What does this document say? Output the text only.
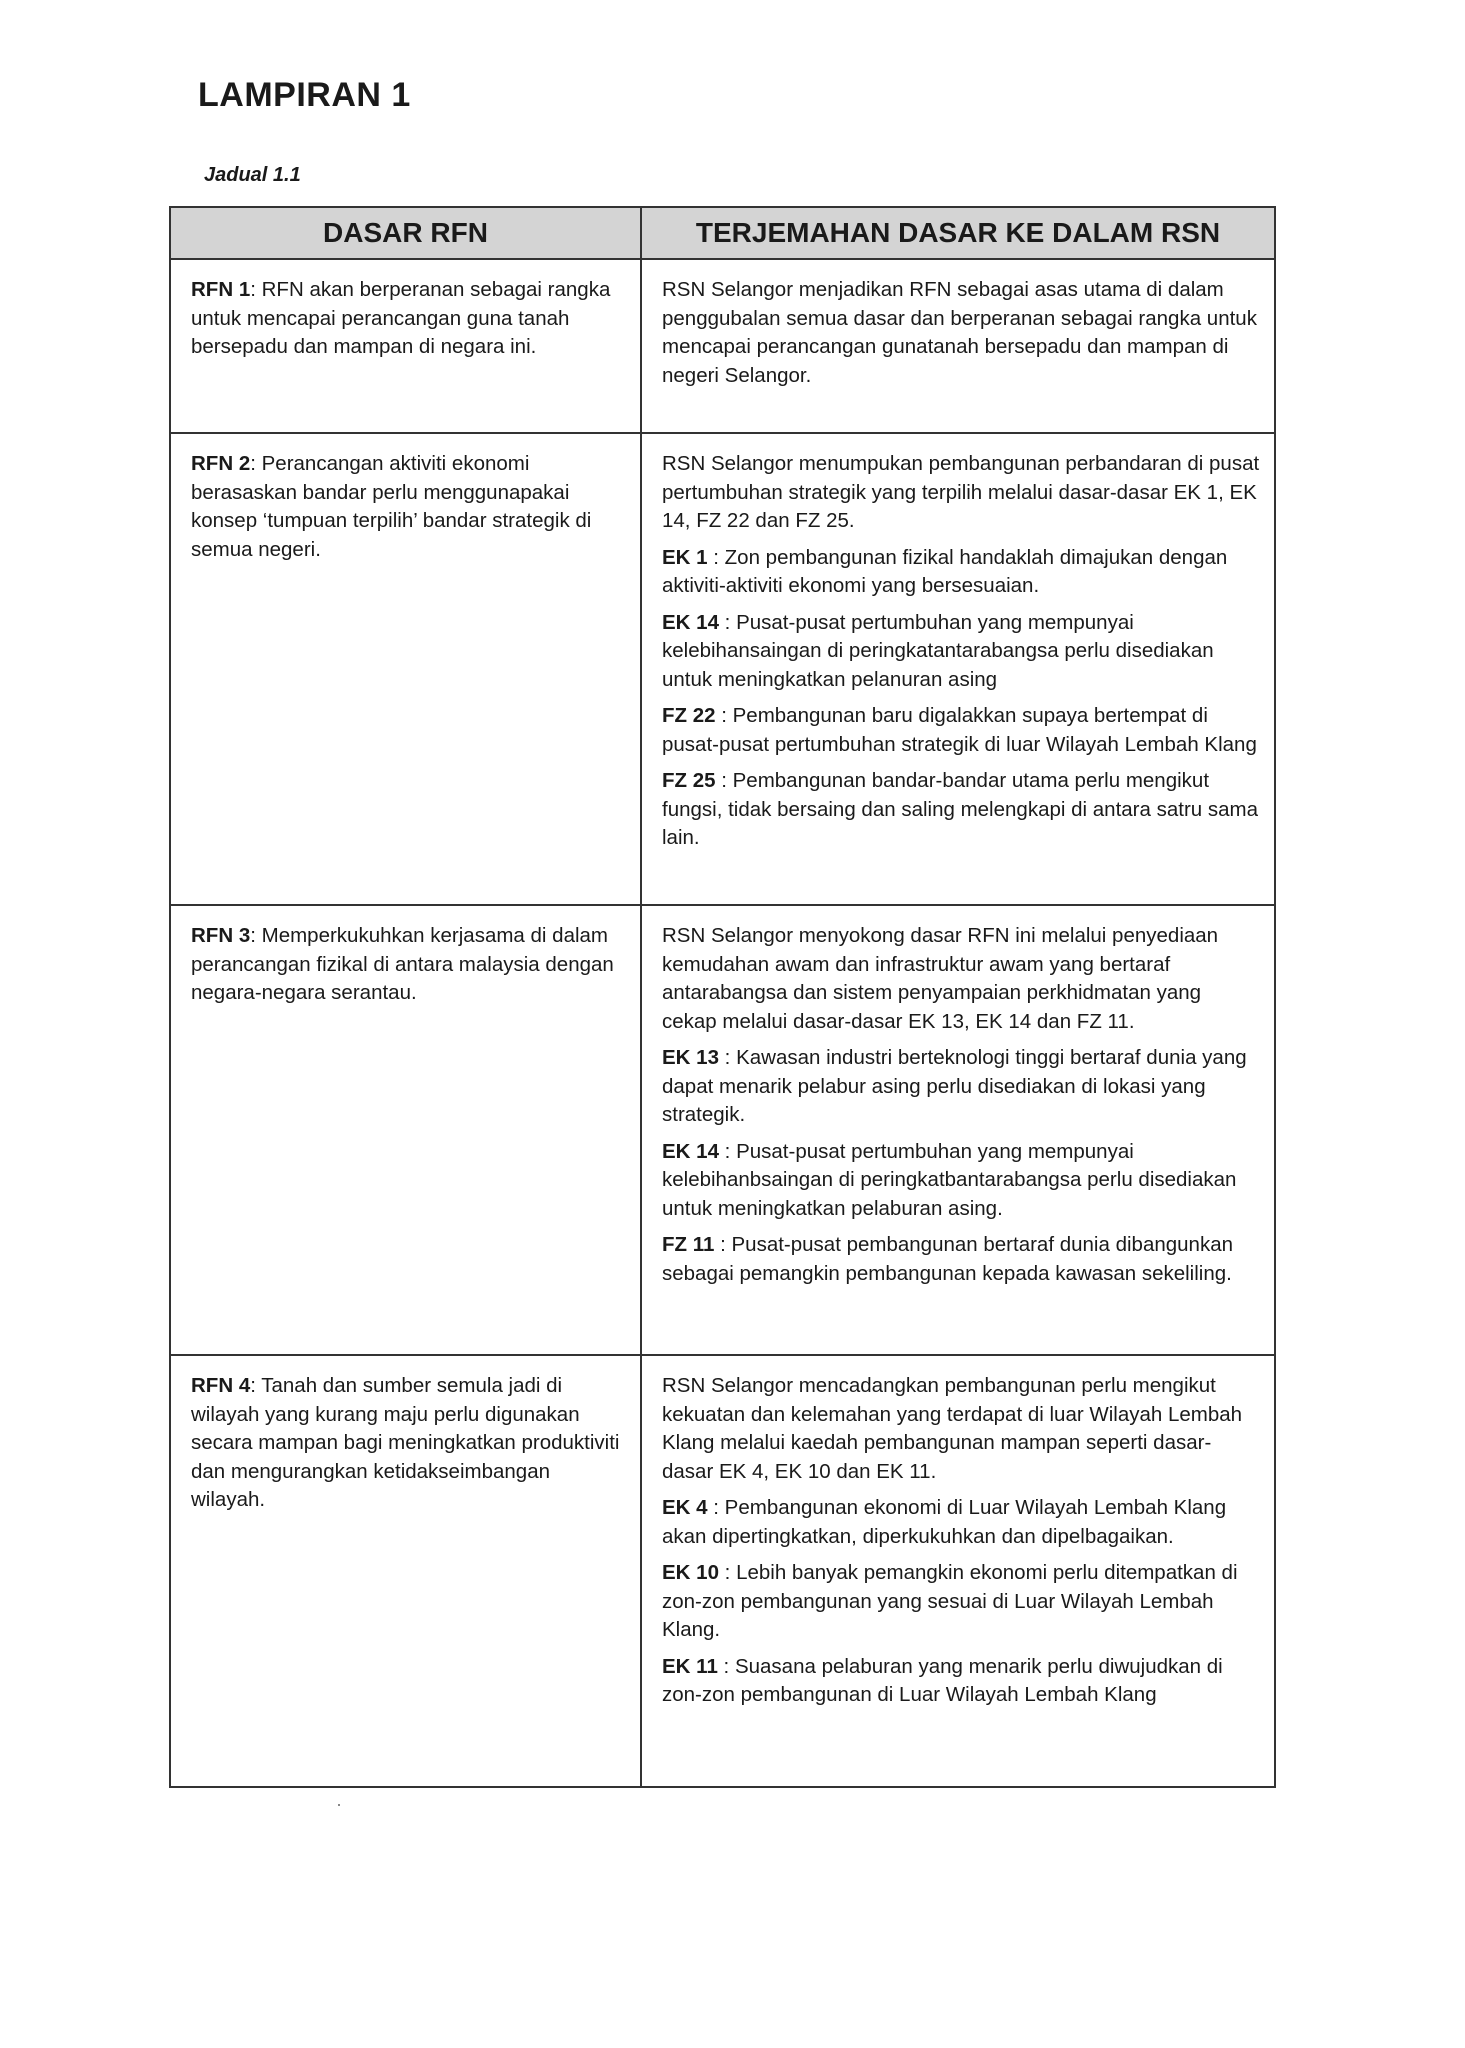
LAMPIRAN 1
Jadual 1.1
DASAR RFN	TERJEMAHAN DASAR KE DALAM RSN

RFN 1: RFN akan berperanan sebagai rangka untuk mencapai perancangan guna tanah bersepadu dan mampan di negara ini.	RSN Selangor menjadikan RFN sebagai asas utama di dalam penggubalan semua dasar dan berperanan sebagai rangka untuk mencapai perancangan gunatanah bersepadu dan mampan di negeri Selangor.

RFN 2: Perancangan aktiviti ekonomi berasaskan bandar perlu menggunapakai konsep ‘tumpuan terpilih’ bandar strategik di semua negeri.	RSN Selangor menumpukan pembangunan perbandaran di pusat pertumbuhan strategik yang terpilih melalui dasar-dasar EK 1, EK 14, FZ 22 dan FZ 25.

EK 1 : Zon pembangunan fizikal handaklah dimajukan dengan aktiviti-aktiviti ekonomi yang bersesuaian.

EK 14 : Pusat-pusat pertumbuhan yang mempunyai kelebihansaingan di peringkatantarabangsa perlu disediakan untuk meningkatkan pelanuran asing

FZ 22 : Pembangunan baru digalakkan supaya bertempat di pusat-pusat pertumbuhan strategik di luar Wilayah Lembah Klang

FZ 25 : Pembangunan bandar-bandar utama perlu mengikut fungsi, tidak bersaing dan saling melengkapi di antara satru sama lain.

RFN 3: Memperkukuhkan kerjasama di dalam perancangan fizikal di antara malaysia dengan negara-negara serantau.	RSN Selangor menyokong dasar RFN ini melalui penyediaan kemudahan awam dan infrastruktur awam yang bertaraf antarabangsa dan sistem penyampaian perkhidmatan yang cekap melalui dasar-dasar EK 13, EK 14 dan FZ 11.

EK 13 : Kawasan industri berteknologi tinggi bertaraf dunia yang dapat menarik pelabur asing perlu disediakan di lokasi yang strategik.

EK 14 : Pusat-pusat pertumbuhan yang mempunyai kelebihanbsaingan di peringkatbantarabangsa perlu disediakan untuk meningkatkan pelaburan asing.

FZ 11 : Pusat-pusat pembangunan bertaraf dunia dibangunkan sebagai pemangkin pembangunan kepada kawasan sekeliling.

RFN 4: Tanah dan sumber semula jadi di wilayah yang kurang maju perlu digunakan secara mampan bagi meningkatkan produktiviti dan mengurangkan ketidakseimbangan wilayah.	RSN Selangor mencadangkan pembangunan perlu mengikut kekuatan dan kelemahan yang terdapat di luar Wilayah Lembah Klang melalui kaedah pembangunan mampan seperti dasar-dasar EK 4, EK 10 dan EK 11.

EK 4 : Pembangunan ekonomi di Luar Wilayah Lembah Klang akan dipertingkatkan, diperkukuhkan dan dipelbagaikan.

EK 10 : Lebih banyak pemangkin ekonomi perlu ditempatkan di zon-zon pembangunan yang sesuai di Luar Wilayah Lembah Klang.

EK 11 : Suasana pelaburan yang menarik perlu diwujudkan di zon-zon pembangunan di Luar Wilayah Lembah Klang
